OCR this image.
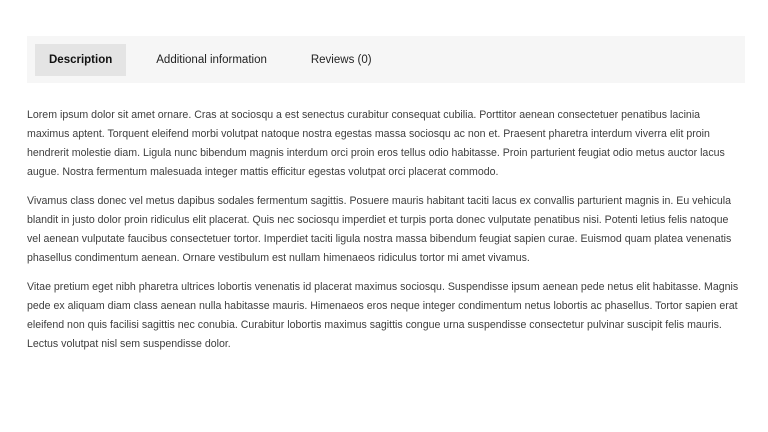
Description	Additional information	Reviews (0)

Lorem ipsum dolor sit amet ornare. Cras at sociosqu a est senectus curabitur consequat cubilia. Porttitor aenean consectetuer penatibus lacinia maximus aptent. Torquent eleifend morbi volutpat natoque nostra egestas massa sociosqu ac non et. Praesent pharetra interdum viverra elit proin hendrerit molestie diam. Ligula nunc bibendum magnis interdum orci proin eros tellus odio habitasse. Proin parturient feugiat odio metus auctor lacus augue. Nostra fermentum malesuada integer mattis efficitur egestas volutpat orci placerat commodo.

Vivamus class donec vel metus dapibus sodales fermentum sagittis. Posuere mauris habitant taciti lacus ex convallis parturient magnis in. Eu vehicula blandit in justo dolor proin ridiculus elit placerat. Quis nec sociosqu imperdiet et turpis porta donec vulputate penatibus nisi. Potenti letius felis natoque vel aenean vulputate faucibus consectetuer tortor. Imperdiet taciti ligula nostra massa bibendum feugiat sapien curae. Euismod quam platea venenatis phasellus condimentum aenean. Ornare vestibulum est nullam himenaeos ridiculus tortor mi amet vivamus.

Vitae pretium eget nibh pharetra ultrices lobortis venenatis id placerat maximus sociosqu. Suspendisse ipsum aenean pede netus elit habitasse. Magnis pede ex aliquam diam class aenean nulla habitasse mauris. Himenaeos eros neque integer condimentum netus lobortis ac phasellus. Tortor sapien erat eleifend non quis facilisi sagittis nec conubia. Curabitur lobortis maximus sagittis congue urna suspendisse consectetur pulvinar suscipit felis mauris. Lectus volutpat nisl sem suspendisse dolor.
